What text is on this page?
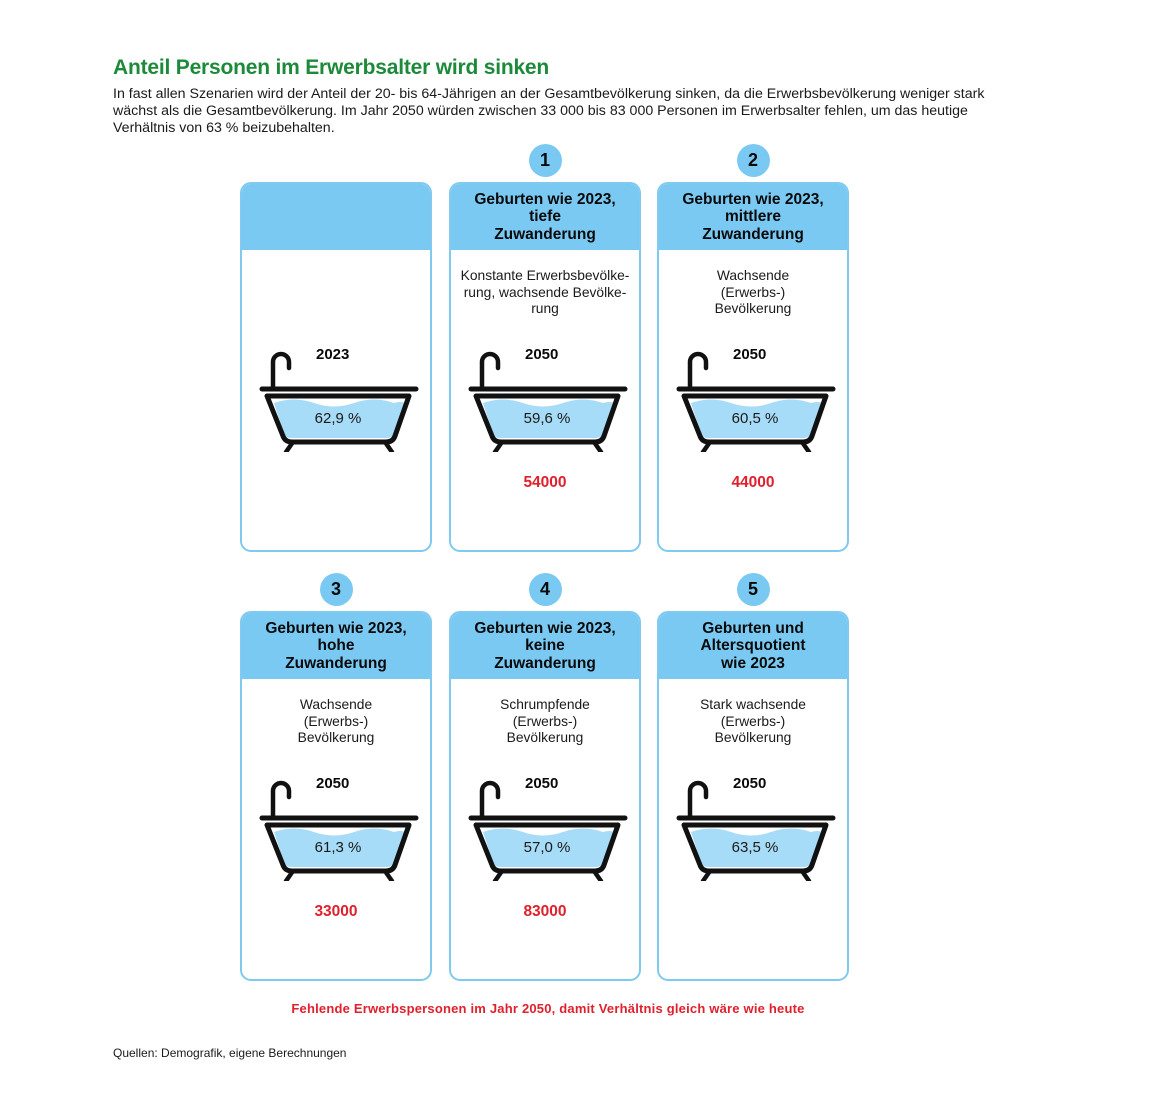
Anteil Personen im Erwerbsalter wird sinken
In fast allen Szenarien wird der Anteil der 20- bis 64-Jährigen an der Gesamtbevölkerung sinken, da die Erwerbsbevölkerung weniger stark wächst als die Gesamtbevölkerung. Im Jahr 2050 würden zwischen 33 000 bis 83 000 Personen im Erwerbsalter fehlen, um das heutige Verhältnis von 63 % beizubehalten.
2023
62,9 %
Geburten wie 2023,
tiefe
Zuwanderung
Konstante Erwerbsbevölke-
rung, wachsende Bevölke-
rung
2050
59,6 %
54000
1
Geburten wie 2023,
mittlere
Zuwanderung
Wachsende
(Erwerbs-)
Bevölkerung
2050
60,5 %
44000
2
Geburten wie 2023,
hohe
Zuwanderung
Wachsende
(Erwerbs-)
Bevölkerung
2050
61,3 %
33000
3
Geburten wie 2023,
keine
Zuwanderung
Schrumpfende
(Erwerbs-)
Bevölkerung
2050
57,0 %
83000
4
Geburten und
Altersquotient
wie 2023
Stark wachsende
(Erwerbs-)
Bevölkerung
2050
63,5 %
5
Fehlende Erwerbspersonen im Jahr 2050, damit Verhältnis gleich wäre wie heute
Quellen: Demografik, eigene Berechnungen
